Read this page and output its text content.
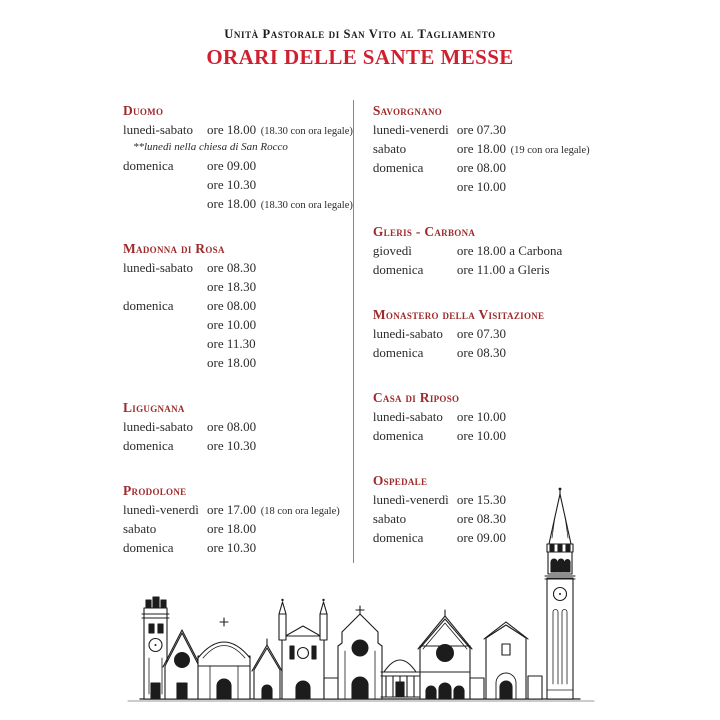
Unità Pastorale di San Vito al Tagliamento
ORARI DELLE SANTE MESSE
Duomo
lunedi-sabato	ore 18.00 (18.30 con ora legale)
**lunedì nella chiesa di San Rocco
domenica	ore 09.00
ore 10.30
ore 18.00 (18.30 con ora legale)
Madonna di Rosa
lunedì-sabato	ore 08.30
ore 18.30
domenica	ore 08.00
ore 10.00
ore 11.30
ore 18.00
Ligugnana
lunedi-sabato	ore 08.00
domenica	ore 10.30
Prodolone
lunedì-venerdì ore 17.00 (18 con ora legale)
sabato	ore 18.00
domenica	ore 10.30
Savorgnano
lunedi-venerdi ore 07.30
sabato	ore 18.00 (19 con ora legale)
domenica	ore 08.00
ore 10.00
Gleris - Carbona
giovedì	ore 18.00 a Carbona
domenica	ore 11.00 a Gleris
Monastero della Visitazione
lunedi-sabato	ore 07.30
domenica	ore 08.30
Casa di Riposo
lunedi-sabato	ore 10.00
domenica	ore 10.00
Ospedale
lunedì-venerdì ore 15.30
sabato	ore 08.30
domenica	ore 09.00
